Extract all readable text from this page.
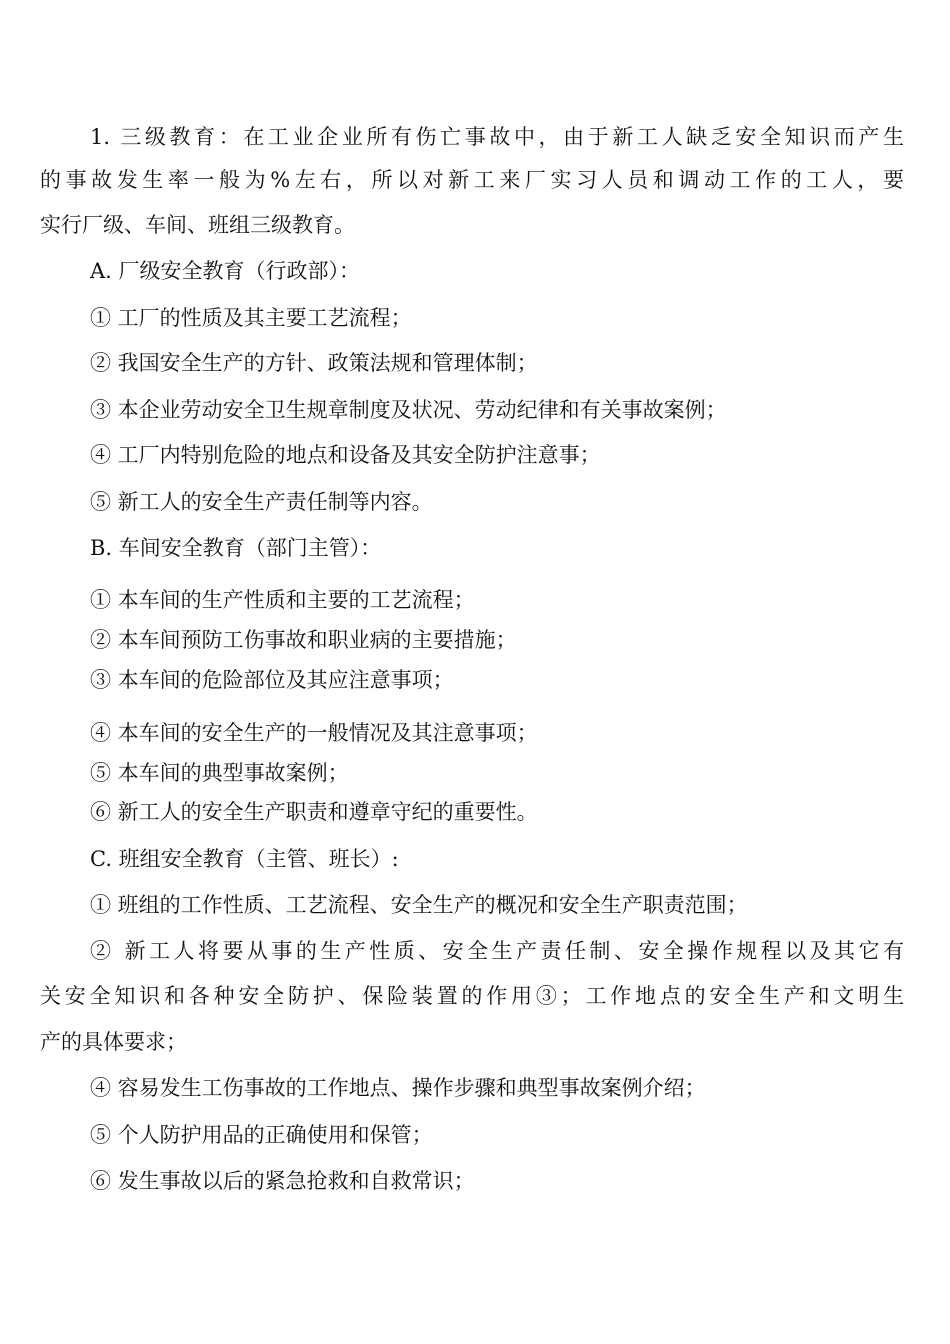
1. 三级教育：在工业企业所有伤亡事故中，由于新工人缺乏安全知识而产生

的事故发生率一般为%左右，所以对新工来厂实习人员和调动工作的工人，要

实行厂级、车间、班组三级教育。

A. 厂级安全教育（行政部）：

① 工厂的性质及其主要工艺流程；

② 我国安全生产的方针、政策法规和管理体制；

③ 本企业劳动安全卫生规章制度及状况、劳动纪律和有关事故案例；

④ 工厂内特别危险的地点和设备及其安全防护注意事；

⑤ 新工人的安全生产责任制等内容。

B. 车间安全教育（部门主管）：

① 本车间的生产性质和主要的工艺流程；

② 本车间预防工伤事故和职业病的主要措施；

③ 本车间的危险部位及其应注意事项；

④ 本车间的安全生产的一般情况及其注意事项；

⑤ 本车间的典型事故案例；

⑥ 新工人的安全生产职责和遵章守纪的重要性。

C. 班组安全教育（主管、班长）:

① 班组的工作性质、工艺流程、安全生产的概况和安全生产职责范围；

② 新工人将要从事的生产性质、安全生产责任制、安全操作规程以及其它有

关安全知识和各种安全防护、保险装置的作用③；工作地点的安全生产和文明生

产的具体要求；

④ 容易发生工伤事故的工作地点、操作步骤和典型事故案例介绍；

⑤ 个人防护用品的正确使用和保管；

⑥ 发生事故以后的紧急抢救和自救常识；
